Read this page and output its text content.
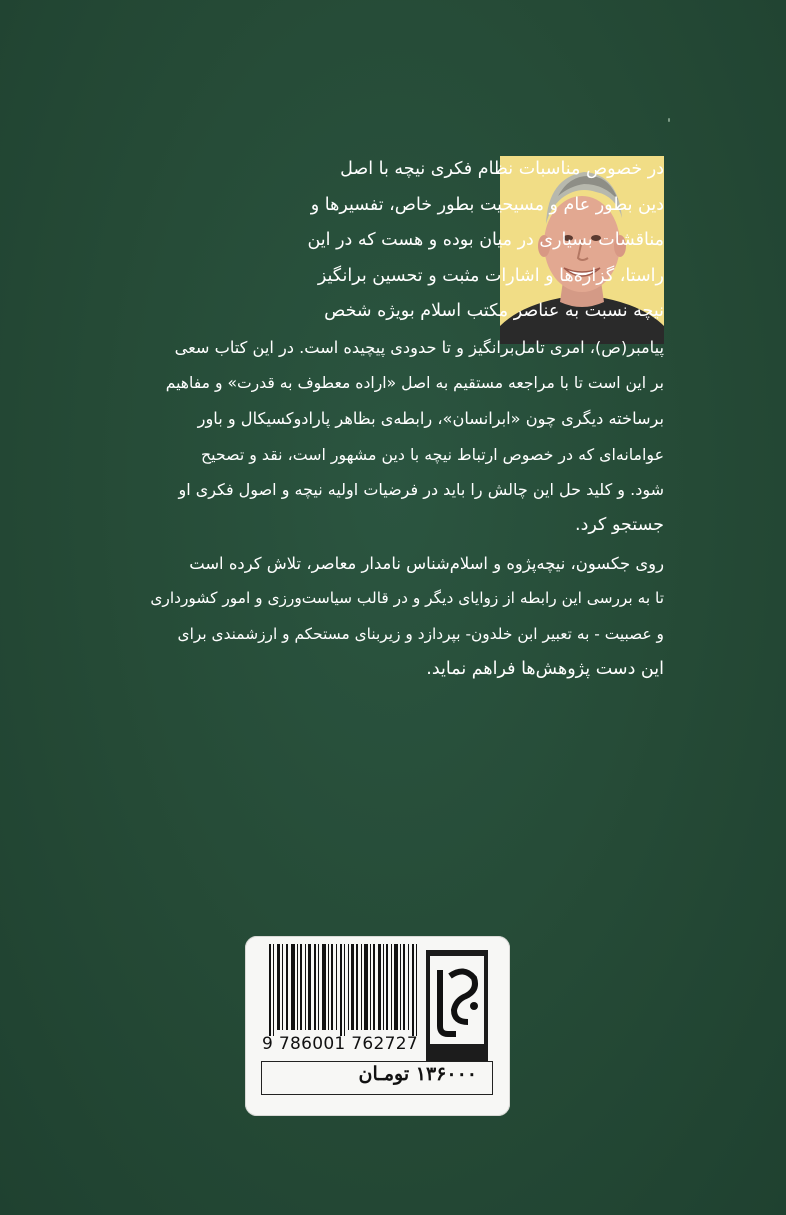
در خصوص مناسبات نظام فکری نیچه با اصل
دین بطور عام و مسیحیت بطور خاص، تفسیرها و
مناقشات بسیاری در میان بوده و هست که در این
راستا، گزاره‌ها و اشارات مثبت و تحسین برانگیز
نیچه نسبت به عناصر مکتب اسلام بویژه شخص
پیامبر(ص)، امری تامل‌برانگیز و تا حدودی پیچیده است. در این کتاب سعی
بر این است تا با مراجعه مستقیم به اصل «اراده معطوف به قدرت» و مفاهیم
برساخته دیگری چون «ابرانسان»، رابطه‌ی بظاهر پارادوکسیکال و باور
عوامانه‌ای که در خصوص ارتباط نیچه با دین مشهور است، نقد و تصحیح
شود. و کلید حل این چالش را باید در فرضیات اولیه نیچه و اصول فکری او
جستجو کرد.
روی جکسون، نیچه‌پژوه و اسلام‌شناس نامدار معاصر، تلاش کرده است
تا به بررسی این رابطه از زوایای دیگر و در قالب سیاست‌ورزی و امور کشورداری
و عصبیت - به تعبیر ابن خلدون- بپردازد و زیربنای مستحکم و ارزشمندی برای
این دست پژوهش‌ها فراهم نماید.
9 786001 762727
۱۳۶۰۰۰ تومـان
